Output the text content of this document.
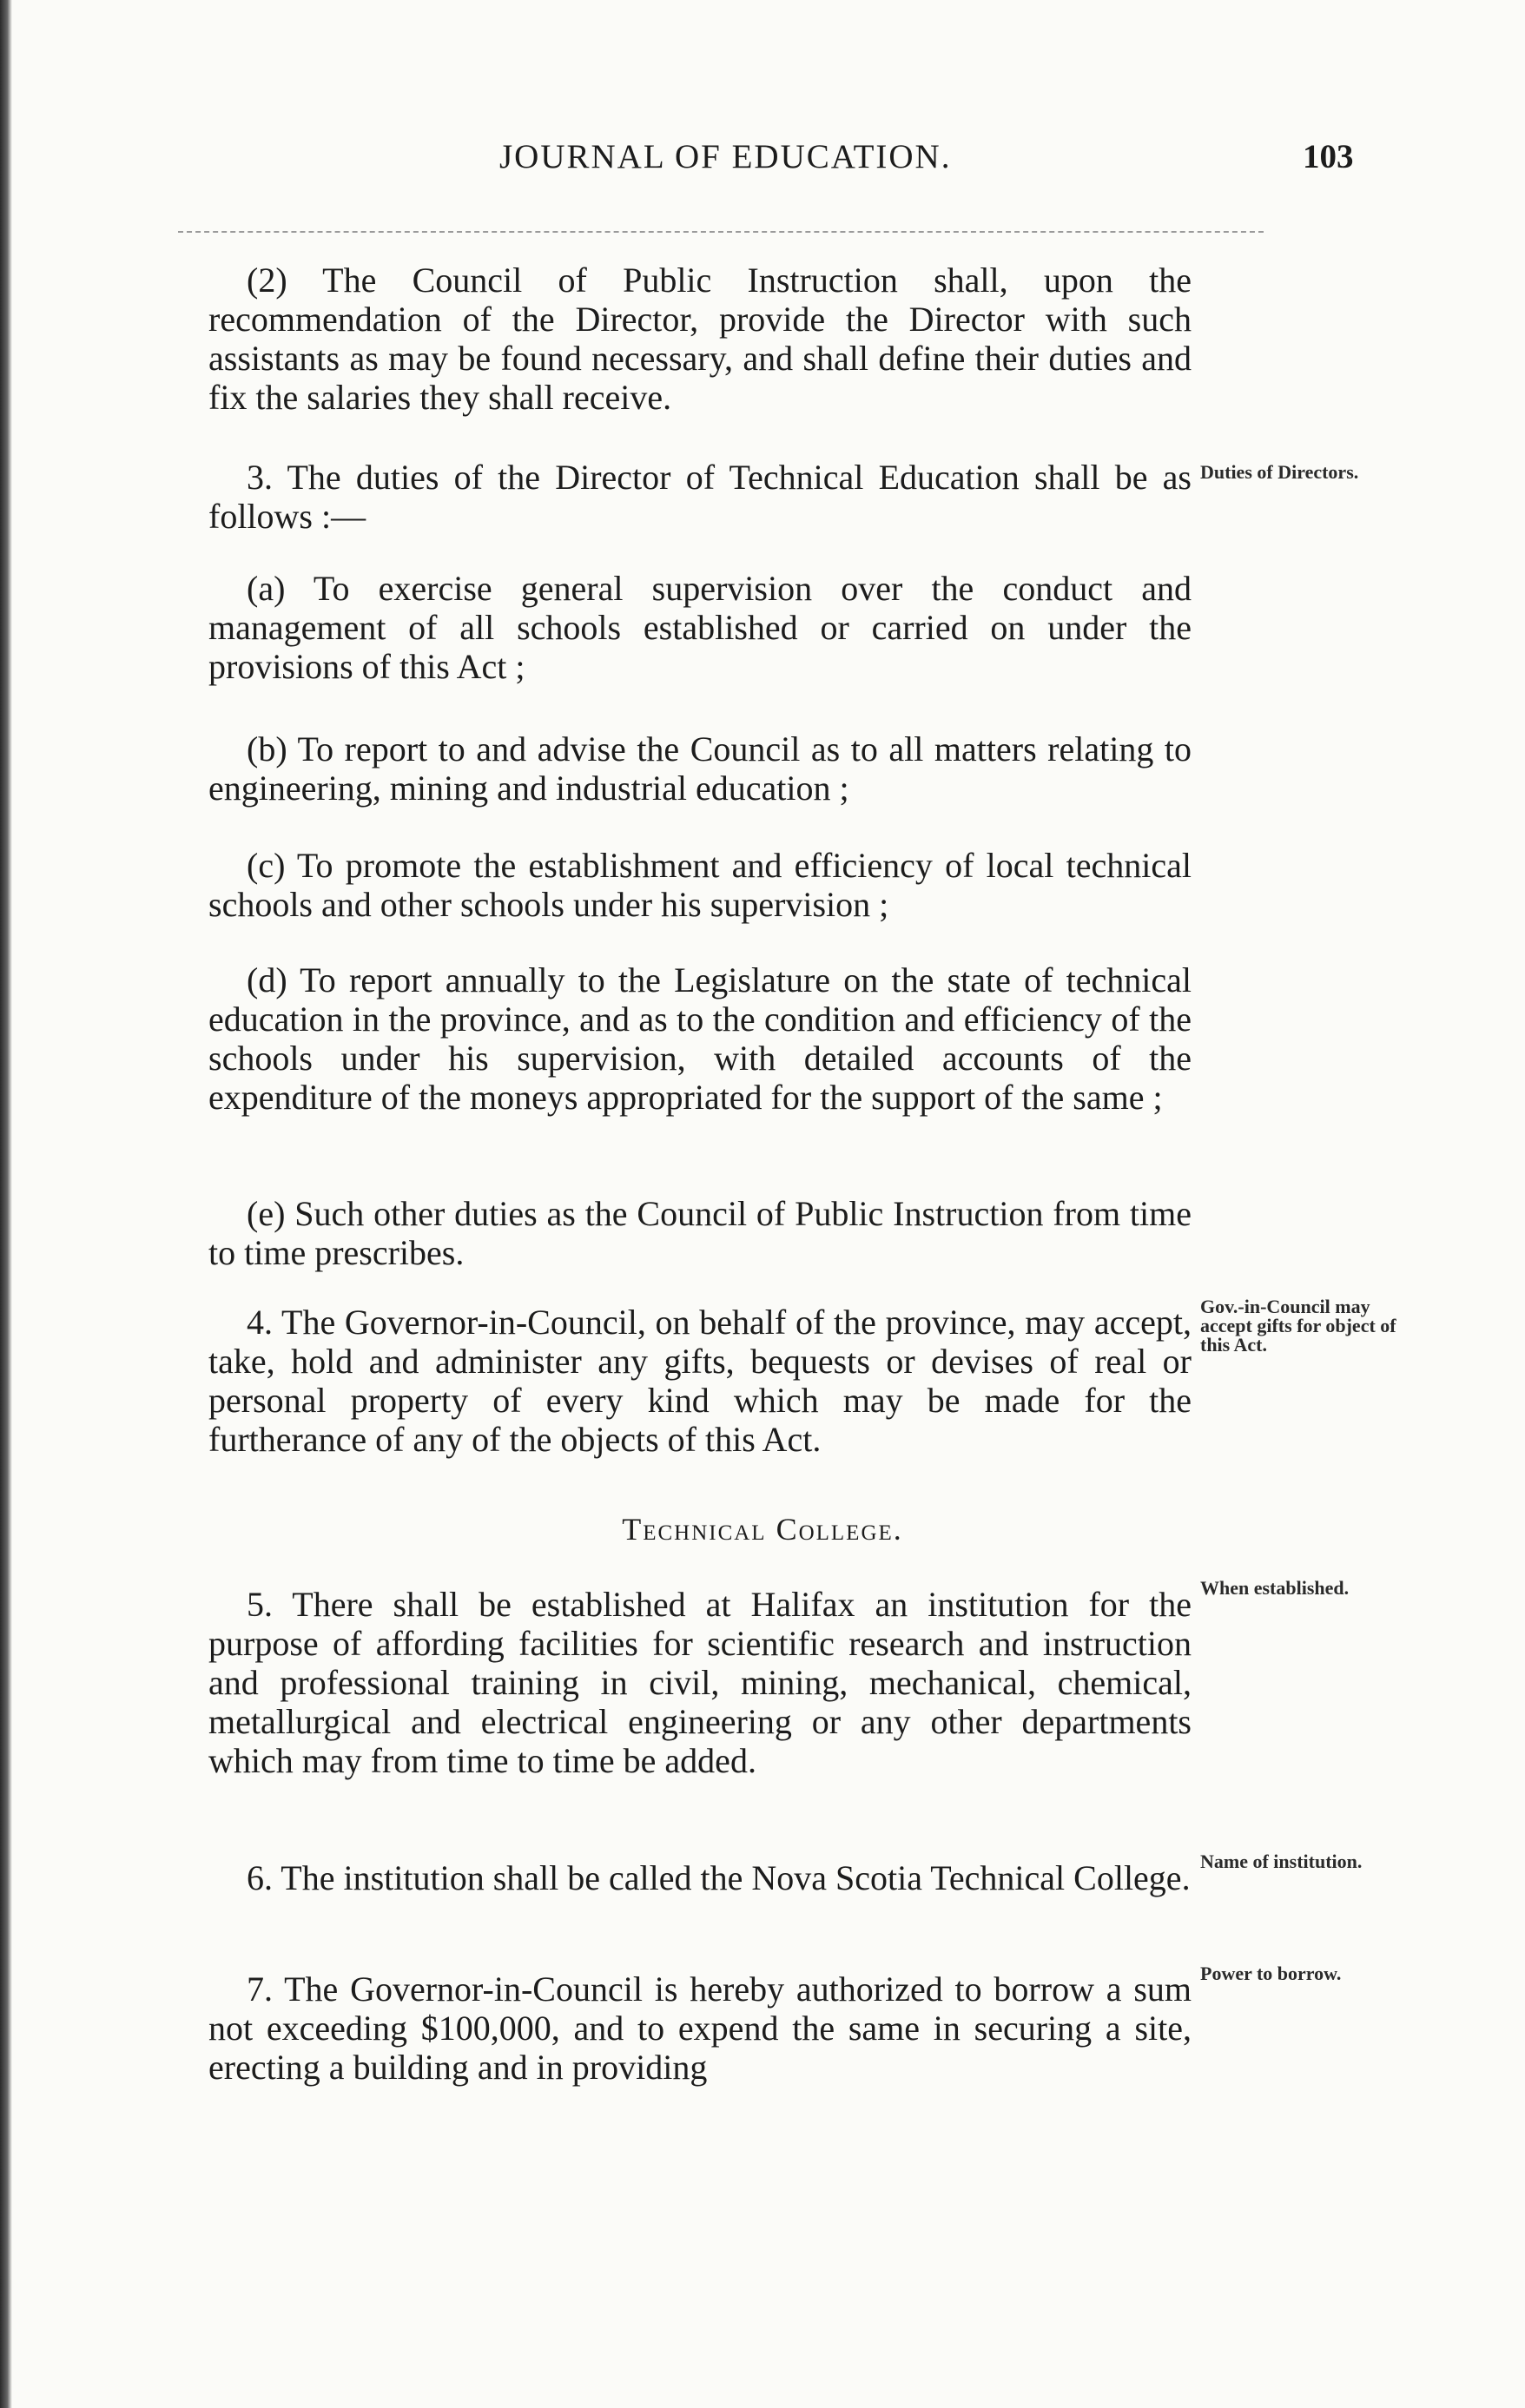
JOURNAL OF EDUCATION.	103

(2) The Council of Public Instruction shall, upon the recommendation of the Director, provide the Director with such assistants as may be found necessary, and shall define their duties and fix the salaries they shall receive.

3. The duties of the Director of Technical Education shall be as follows :—

Duties of Directors.

(a) To exercise general supervision over the conduct and management of all schools established or carried on under the provisions of this Act ;

(b) To report to and advise the Council as to all matters relating to engineering, mining and industrial education ;

(c) To promote the establishment and efficiency of local technical schools and other schools under his supervision ;

(d) To report annually to the Legislature on the state of technical education in the province, and as to the condition and efficiency of the schools under his supervision, with detailed accounts of the expenditure of the moneys appropriated for the support of the same ;

(e) Such other duties as the Council of Public Instruction from time to time prescribes.

4. The Governor-in-Council, on behalf of the province, may accept, take, hold and administer any gifts, bequests or devises of real or personal property of every kind which may be made for the furtherance of any of the objects of this Act.

Gov.-in-Council may accept gifts for object of this Act.
Technical College.

5. There shall be established at Halifax an institution for the purpose of affording facilities for scientific research and instruction and professional training in civil, mining, mechanical, chemical, metallurgical and electrical engineering or any other departments which may from time to time be added.

When established.

6. The institution shall be called the Nova Scotia Technical College. Name of institution.

7. The Governor-in-Council is hereby authorized to borrow a sum not exceeding $100,000, and to expend the same in securing a site, erecting a building and in providing

Power to borrow.
